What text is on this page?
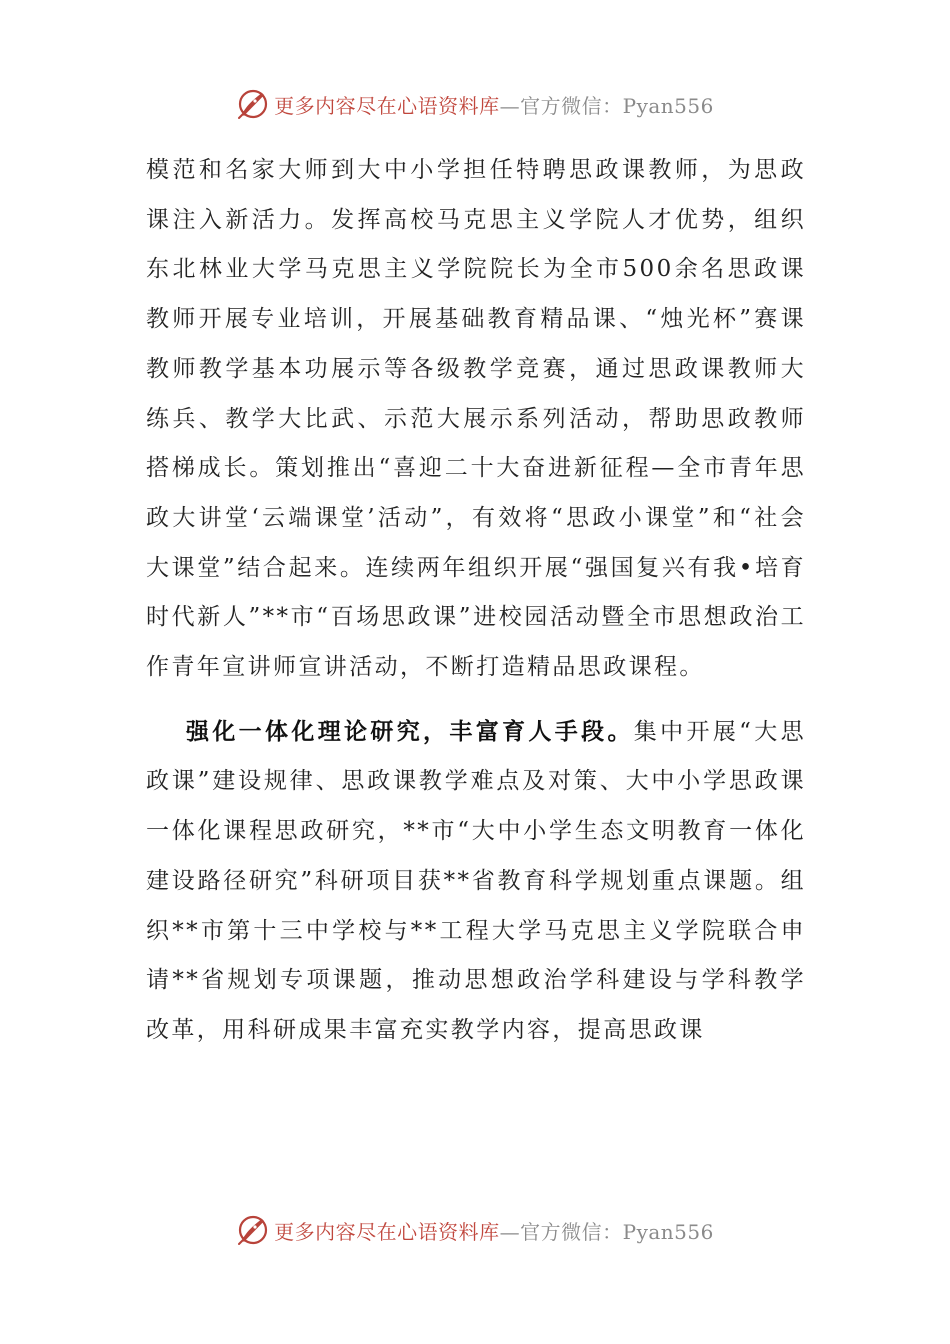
更多内容尽在心语资料库—官方微信：Pyan556

模范和名家大师到大中小学担任特聘思政课教师，为思政课注入新活力。发挥高校马克思主义学院人才优势，组织东北林业大学马克思主义学院院长为全市500余名思政课教师开展专业培训，开展基础教育精品课、“烛光杯”赛课教师教学基本功展示等各级教学竞赛，通过思政课教师大练兵、教学大比武、示范大展示系列活动，帮助思政教师搭梯成长。策划推出“喜迎二十大奋进新征程—全市青年思政大讲堂‘云端课堂’活动”，有效将“思政小课堂”和“社会大课堂”结合起来。连续两年组织开展“强国复兴有我•培育时代新人”**市“百场思政课”进校园活动暨全市思想政治工作青年宣讲师宣讲活动，不断打造精品思政课程。

强化一体化理论研究，丰富育人手段。集中开展“大思政课”建设规律、思政课教学难点及对策、大中小学思政课一体化课程思政研究，**市“大中小学生态文明教育一体化建设路径研究”科研项目获**省教育科学规划重点课题。组织**市第十三中学校与**工程大学马克思主义学院联合申请**省规划专项课题，推动思想政治学科建设与学科教学改革，用科研成果丰富充实教学内容，提高思政课

更多内容尽在心语资料库—官方微信：Pyan556
